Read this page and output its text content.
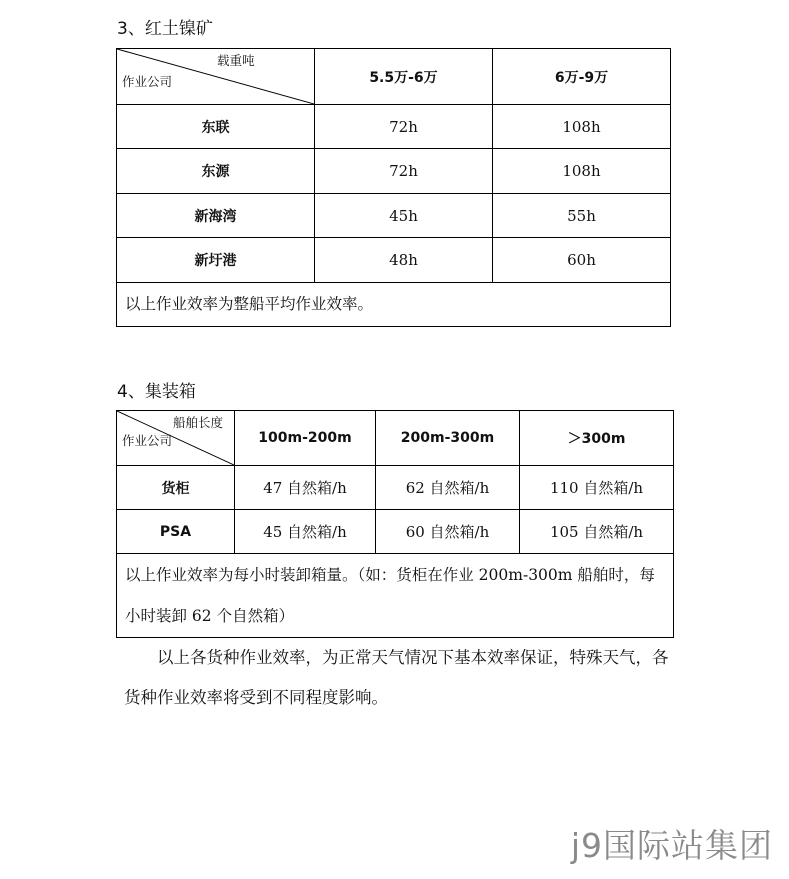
3、红土镍矿
载重吨
作业公司	5.5万-6万	6万-9万
东联	72h	108h
东源	72h	108h
新海湾	45h	55h
新圩港	48h	60h
以上作业效率为整船平均作业效率。		
4、集装箱
船舶长度
作业公司	100m-200m	200m-300m	＞300m
货柜	47 自然箱/h	62 自然箱/h	110 自然箱/h
PSA	45 自然箱/h	60 自然箱/h	105 自然箱/h
以上作业效率为每小时装卸箱量。（如：货柜在作业 200m-300m 船舶时，每小时装卸 62 个自然箱）			
以上各货种作业效率，为正常天气情况下基本效率保证，特殊天气，各货种作业效率将受到不同程度影响。
j9国际站集团
